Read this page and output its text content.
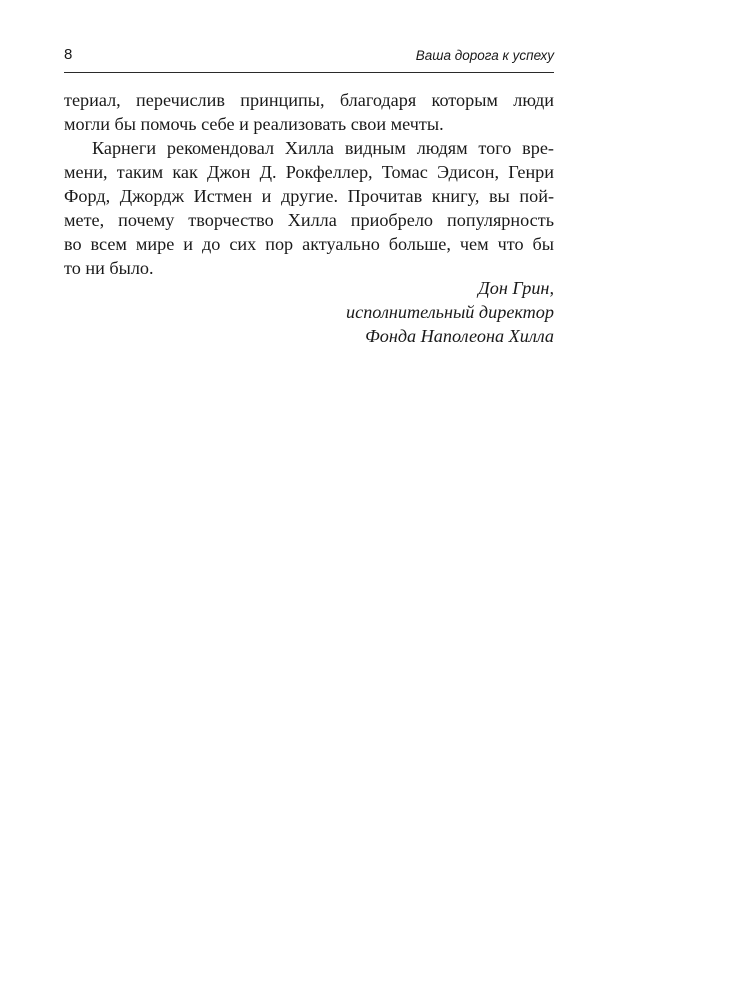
8	Ваша дорога к успеху
териал, перечислив принципы, благодаря которым люди
могли бы помочь себе и реализовать свои мечты.
Карнеги рекомендовал Хилла видным людям того вре-
мени, таким как Джон Д. Рокфеллер, Томас Эдисон, Генри
Форд, Джордж Истмен и другие. Прочитав книгу, вы пой-
мете, почему творчество Хилла приобрело популярность
во всем мире и до сих пор актуально больше, чем что бы
то ни было.
Дон Грин,
исполнительный директор
Фонда Наполеона Хилла
